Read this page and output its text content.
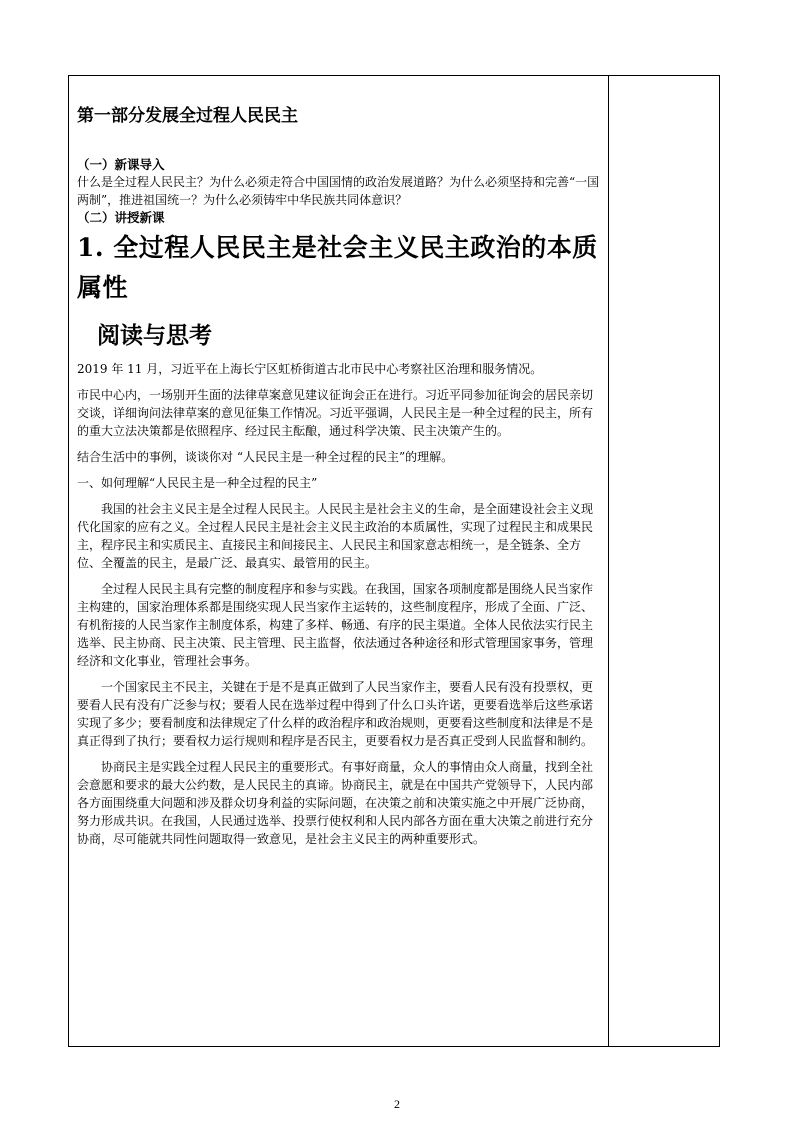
第一部分发展全过程人民民主
（一）新课导入

什么是全过程人民民主？为什么必须走符合中国国情的政治发展道路？为什么必须坚持和完善“一国两制”，推进祖国统一？为什么必须铸牢中华民族共同体意识？

（二）讲授新课
1. 全过程人民民主是社会主义民主政治的本质属性
阅读与思考

2019 年 11 月，习近平在上海长宁区虹桥街道古北市民中心考察社区治理和服务情况。

市民中心内，一场别开生面的法律草案意见建议征询会正在进行。习近平同参加征询会的居民亲切交谈，详细询问法律草案的意见征集工作情况。习近平强调，人民民主是一种全过程的民主，所有的重大立法决策都是依照程序、经过民主酝酿，通过科学决策、民主决策产生的。

结合生活中的事例，谈谈你对 “人民民主是一种全过程的民主”的理解。

一、如何理解“人民民主是一种全过程的民主”

我国的社会主义民主是全过程人民民主。人民民主是社会主义的生命，是全面建设社会主义现代化国家的应有之义。全过程人民民主是社会主义民主政治的本质属性，实现了过程民主和成果民主，程序民主和实质民主、直接民主和间接民主、人民民主和国家意志相统一，是全链条、全方位、全覆盖的民主，是最广泛、最真实、最管用的民主。

全过程人民民主具有完整的制度程序和参与实践。在我国，国家各项制度都是围绕人民当家作主构建的，国家治理体系都是围绕实现人民当家作主运转的，这些制度程序，形成了全面、广泛、有机衔接的人民当家作主制度体系，构建了多样、畅通、有序的民主渠道。全体人民依法实行民主选举、民主协商、民主决策、民主管理、民主监督，依法通过各种途径和形式管理国家事务，管理经济和文化事业，管理社会事务。

一个国家民主不民主，关键在于是不是真正做到了人民当家作主，要看人民有没有投票权，更要看人民有没有广泛参与权；要看人民在选举过程中得到了什么口头许诺，更要看选举后这些承诺实现了多少；要看制度和法律规定了什么样的政治程序和政治规则，更要看这些制度和法律是不是真正得到了执行；要看权力运行规则和程序是否民主，更要看权力是否真正受到人民监督和制约。

协商民主是实践全过程人民民主的重要形式。有事好商量，众人的事情由众人商量，找到全社会意愿和要求的最大公约数，是人民民主的真谛。协商民主，就是在中国共产党领导下，人民内部各方面围绕重大问题和涉及群众切身利益的实际问题，在决策之前和决策实施之中开展广泛协商，努力形成共识。在我国，人民通过选举、投票行使权利和人民内部各方面在重大决策之前进行充分协商，尽可能就共同性问题取得一致意见，是社会主义民主的两种重要形式。

2
